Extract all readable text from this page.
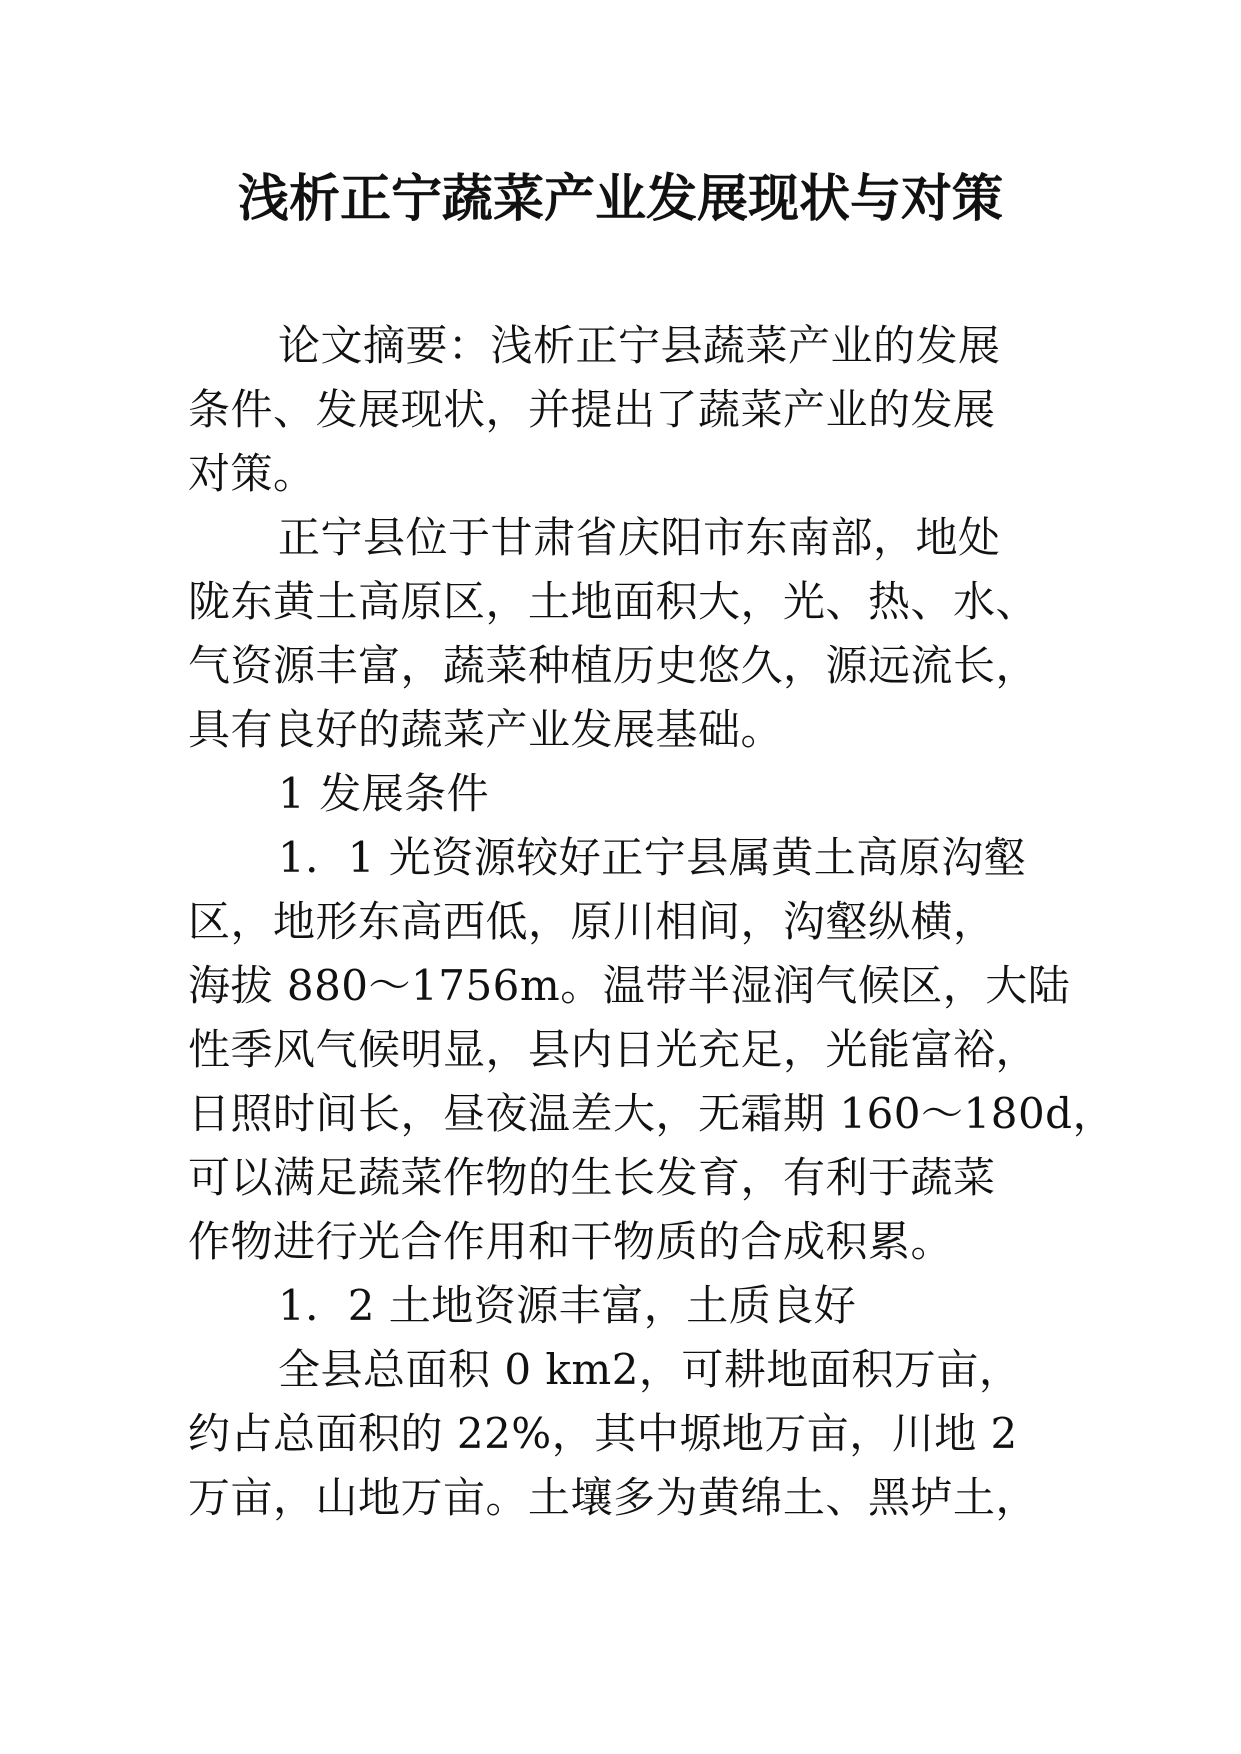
浅析正宁蔬菜产业发展现状与对策
论文摘要：浅析正宁县蔬菜产业的发展
条件、发展现状，并提出了蔬菜产业的发展
对策。
正宁县位于甘肃省庆阳市东南部，地处
陇东黄土高原区，土地面积大，光、热、水、
气资源丰富，蔬菜种植历史悠久，源远流长，
具有良好的蔬菜产业发展基础。
1 发展条件
1．1 光资源较好正宁县属黄土高原沟壑
区，地形东高西低，原川相间，沟壑纵横，
海拔 880～1756m。温带半湿润气候区，大陆
性季风气候明显，县内日光充足，光能富裕，
日照时间长，昼夜温差大，无霜期 160～180d，
可以满足蔬菜作物的生长发育，有利于蔬菜
作物进行光合作用和干物质的合成积累。
1．2 土地资源丰富，土质良好
全县总面积 0 km2，可耕地面积万亩，
约占总面积的 22%，其中塬地万亩，川地 2
万亩，山地万亩。土壤多为黄绵土、黑垆土，
